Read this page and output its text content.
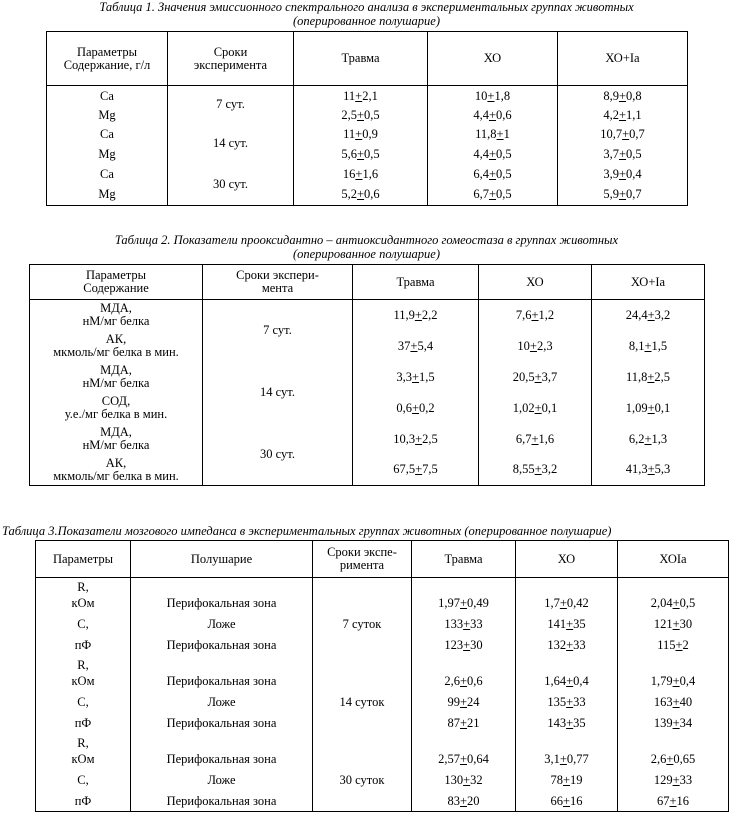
Таблица 1. Значения эмиссионного спектрального анализа в экспериментальных группах животных
(оперированное полушарие)
Параметры Содержание, г/л	Сроки эксперимента	Травма	ХО	ХО+Ia
Ca	7 сут.	11+2,1	10+1,8	8,9+0,8
Mg		2,5+0,5	4,4+0,6	4,2+1,1
Ca	14 сут.	11+0,9	11,8+1	10,7+0,7
Mg		5,6+0,5	4,4+0,5	3,7+0,5
Ca	30 сут.	16+1,6	6,4+0,5	3,9+0,4
Mg		5,2+0,6	6,7+0,5	5,9+0,7
Таблица 2. Показатели прооксидантно – антиоксидантного гомеостаза в группах животных
(оперированное полушарие)
Параметры Содержание	Сроки экспери-мента	Травма	ХО	ХО+Ia

МДА,
нМ/мг белка	7 сут.	11,9+2,2	7,6+1,2	24,4+3,2

АК,
мкмоль/мг белка в мин.		37+5,4	10+2,3	8,1+1,5

МДА,
нМ/мг белка	14 сут.	3,3+1,5	20,5+3,7	11,8+2,5

СОД,
у.е./мг белка в мин.		0,6+0,2	1,02+0,1	1,09+0,1

МДА,
нМ/мг белка	30 сут.	10,3+2,5	6,7+1,6	6,2+1,3

АК,
мкмоль/мг белка в мин.		67,5+7,5	8,55+3,2	41,3+5,3
Таблица 3.Показатели мозгового импеданса в экспериментальных группах животных (оперированное полушарие)
Параметры	Полушарие	Сроки экспе-римента	Травма	ХО	ХОIa
R,					
кОм	Перифокальная зона	7 суток	1,97+0,49	1,7+0,42	2,04+0,5
C,	Ложе		133+33	141+35	121+30
пФ	Перифокальная зона		123+30	132+33	115+2
R,					
кОм	Перифокальная зона	14 суток	2,6+0,6	1,64+0,4	1,79+0,4
C,	Ложе		99+24	135+33	163+40
пФ	Перифокальная зона		87+21	143+35	139+34
R,					
кОм	Перифокальная зона	30 суток	2,57+0,64	3,1+0,77	2,6+0,65
C,	Ложе		130+32	78+19	129+33
пФ	Перифокальная зона		83+20	66+16	67+16
